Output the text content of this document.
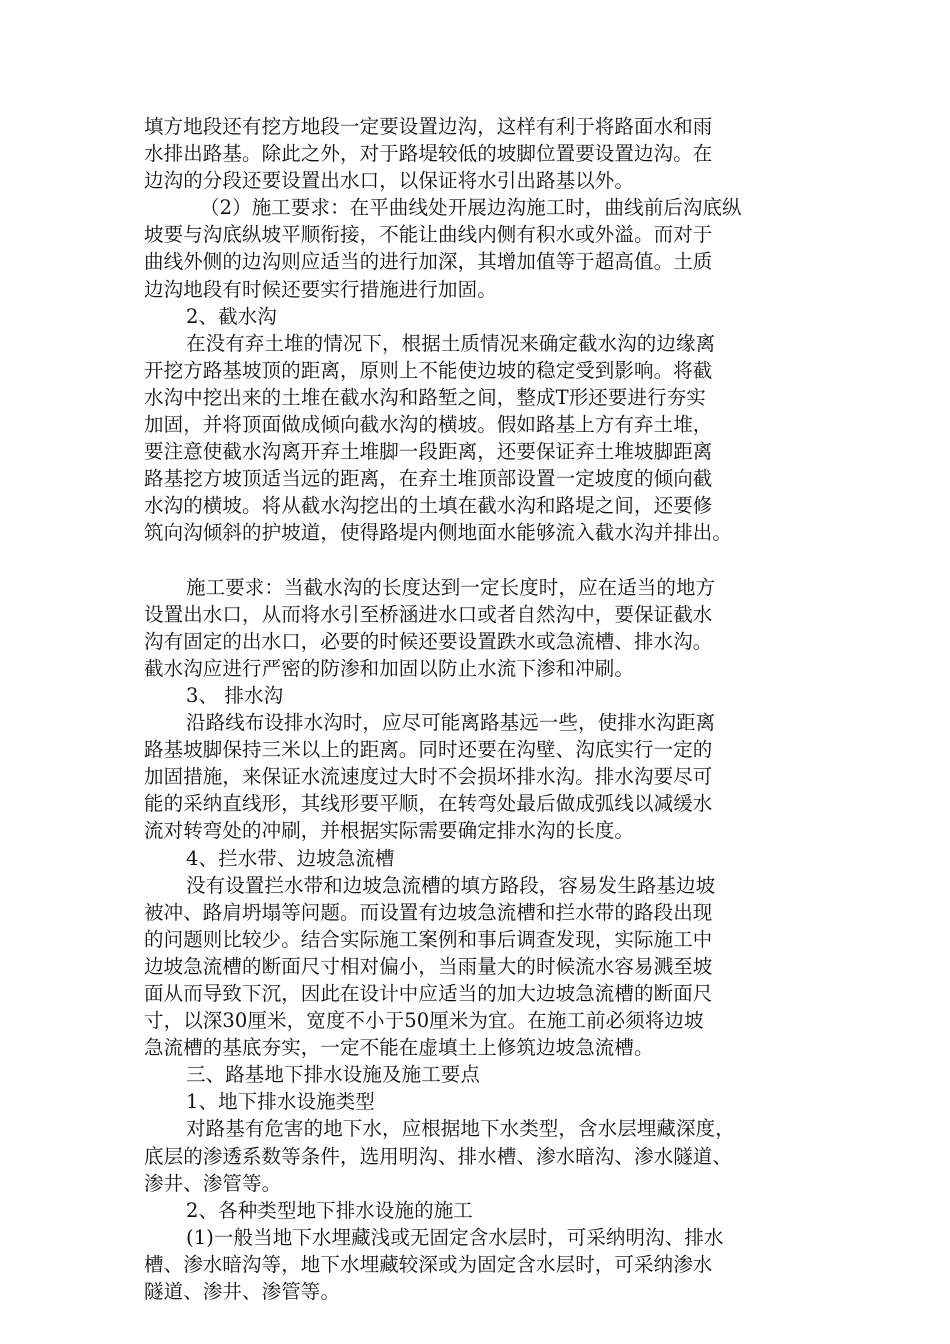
填方地段还有挖方地段一定要设置边沟，这样有利于将路面水和雨
水排出路基。除此之外，对于路堤较低的坡脚位置要设置边沟。在
边沟的分段还要设置出水口，以保证将水引出路基以外。
（2）施工要求：在平曲线处开展边沟施工时，曲线前后沟底纵
坡要与沟底纵坡平顺衔接，不能让曲线内侧有积水或外溢。而对于
曲线外侧的边沟则应适当的进行加深，其增加值等于超高值。土质
边沟地段有时候还要实行措施进行加固。
2、截水沟
在没有弃土堆的情况下，根据土质情况来确定截水沟的边缘离
开挖方路基坡顶的距离，原则上不能使边坡的稳定受到影响。将截
水沟中挖出来的土堆在截水沟和路堑之间，整成T形还要进行夯实
加固，并将顶面做成倾向截水沟的横坡。假如路基上方有弃土堆，
要注意使截水沟离开弃土堆脚一段距离，还要保证弃土堆坡脚距离
路基挖方坡顶适当远的距离，在弃土堆顶部设置一定坡度的倾向截
水沟的横坡。将从截水沟挖出的土填在截水沟和路堤之间，还要修
筑向沟倾斜的护坡道，使得路堤内侧地面水能够流入截水沟并排出。
施工要求：当截水沟的长度达到一定长度时，应在适当的地方
设置出水口，从而将水引至桥涵进水口或者自然沟中，要保证截水
沟有固定的出水口，必要的时候还要设置跌水或急流槽、排水沟。
截水沟应进行严密的防渗和加固以防止水流下渗和冲刷。
3、 排水沟
沿路线布设排水沟时，应尽可能离路基远一些，使排水沟距离
路基坡脚保持三米以上的距离。同时还要在沟壁、沟底实行一定的
加固措施，来保证水流速度过大时不会损坏排水沟。排水沟要尽可
能的采纳直线形，其线形要平顺，在转弯处最后做成弧线以减缓水
流对转弯处的冲刷，并根据实际需要确定排水沟的长度。
4、拦水带、边坡急流槽
没有设置拦水带和边坡急流槽的填方路段，容易发生路基边坡
被冲、路肩坍塌等问题。而设置有边坡急流槽和拦水带的路段出现
的问题则比较少。结合实际施工案例和事后调查发现，实际施工中
边坡急流槽的断面尺寸相对偏小，当雨量大的时候流水容易溅至坡
面从而导致下沉，因此在设计中应适当的加大边坡急流槽的断面尺
寸，以深30厘米，宽度不小于50厘米为宜。在施工前必须将边坡
急流槽的基底夯实，一定不能在虚填土上修筑边坡急流槽。
三、路基地下排水设施及施工要点
1、地下排水设施类型
对路基有危害的地下水，应根据地下水类型，含水层埋藏深度，
底层的渗透系数等条件，选用明沟、排水槽、渗水暗沟、渗水隧道、
渗井、渗管等。
2、各种类型地下排水设施的施工
(1)一般当地下水埋藏浅或无固定含水层时，可采纳明沟、排水
槽、渗水暗沟等，地下水埋藏较深或为固定含水层时，可采纳渗水
隧道、渗井、渗管等。
